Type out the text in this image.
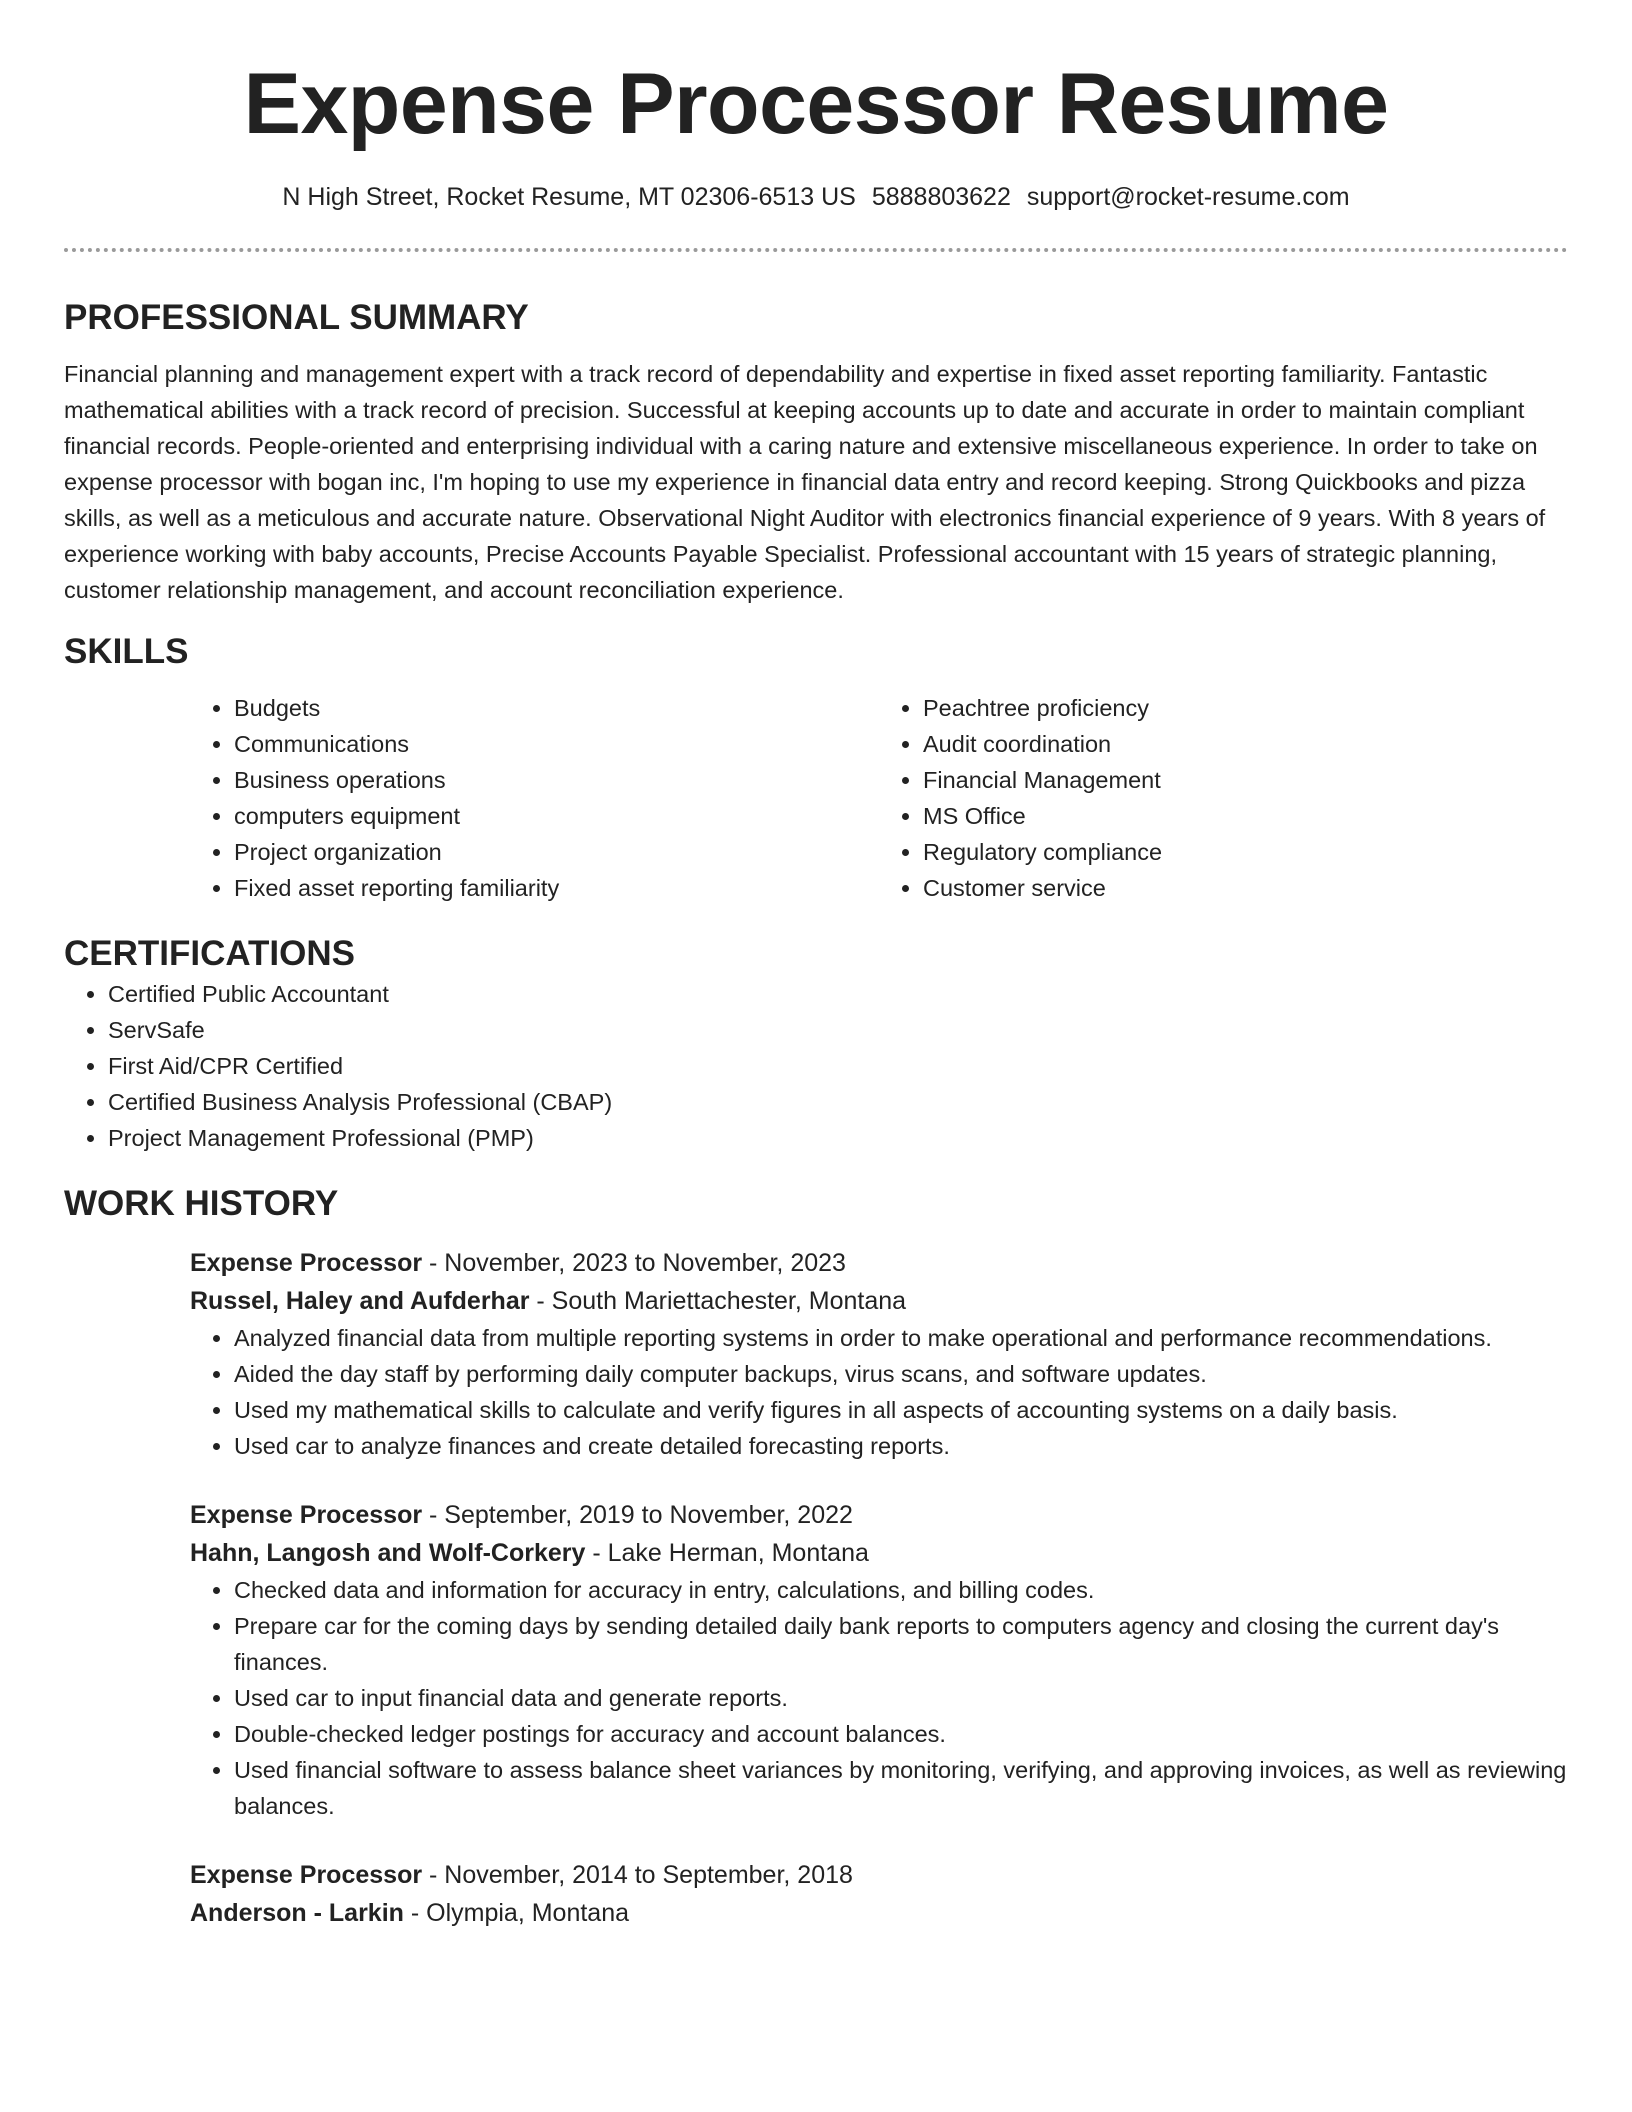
Expense Processor Resume
N High Street, Rocket Resume, MT 02306-6513 US 5888803622 support@rocket-resume.com
PROFESSIONAL SUMMARY

Financial planning and management expert with a track record of dependability and expertise in fixed asset reporting familiarity. Fantastic mathematical abilities with a track record of precision. Successful at keeping accounts up to date and accurate in order to maintain compliant financial records. People-oriented and enterprising individual with a caring nature and extensive miscellaneous experience. In order to take on expense processor with bogan inc, I'm hoping to use my experience in financial data entry and record keeping. Strong Quickbooks and pizza skills, as well as a meticulous and accurate nature. Observational Night Auditor with electronics financial experience of 9 years. With 8 years of experience working with baby accounts, Precise Accounts Payable Specialist. Professional accountant with 15 years of strategic planning, customer relationship management, and account reconciliation experience.

SKILLS
• Budgets
• Communications
• Business operations
• computers equipment
• Project organization
• Fixed asset reporting familiarity
• Peachtree proficiency
• Audit coordination
• Financial Management
• MS Office
• Regulatory compliance
• Customer service
CERTIFICATIONS
• Certified Public Accountant
• ServSafe
• First Aid/CPR Certified
• Certified Business Analysis Professional (CBAP)
• Project Management Professional (PMP)
WORK HISTORY
Expense Processor - November, 2023 to November, 2023
Russel, Haley and Aufderhar - South Mariettachester, Montana
• Analyzed financial data from multiple reporting systems in order to make operational and performance recommendations.
• Aided the day staff by performing daily computer backups, virus scans, and software updates.
• Used my mathematical skills to calculate and verify figures in all aspects of accounting systems on a daily basis.
• Used car to analyze finances and create detailed forecasting reports.
Expense Processor - September, 2019 to November, 2022
Hahn, Langosh and Wolf-Corkery - Lake Herman, Montana
• Checked data and information for accuracy in entry, calculations, and billing codes.
• Prepare car for the coming days by sending detailed daily bank reports to computers agency and closing the current day's finances.
• Used car to input financial data and generate reports.
• Double-checked ledger postings for accuracy and account balances.
• Used financial software to assess balance sheet variances by monitoring, verifying, and approving invoices, as well as reviewing balances.
Expense Processor - November, 2014 to September, 2018
Anderson - Larkin - Olympia, Montana
